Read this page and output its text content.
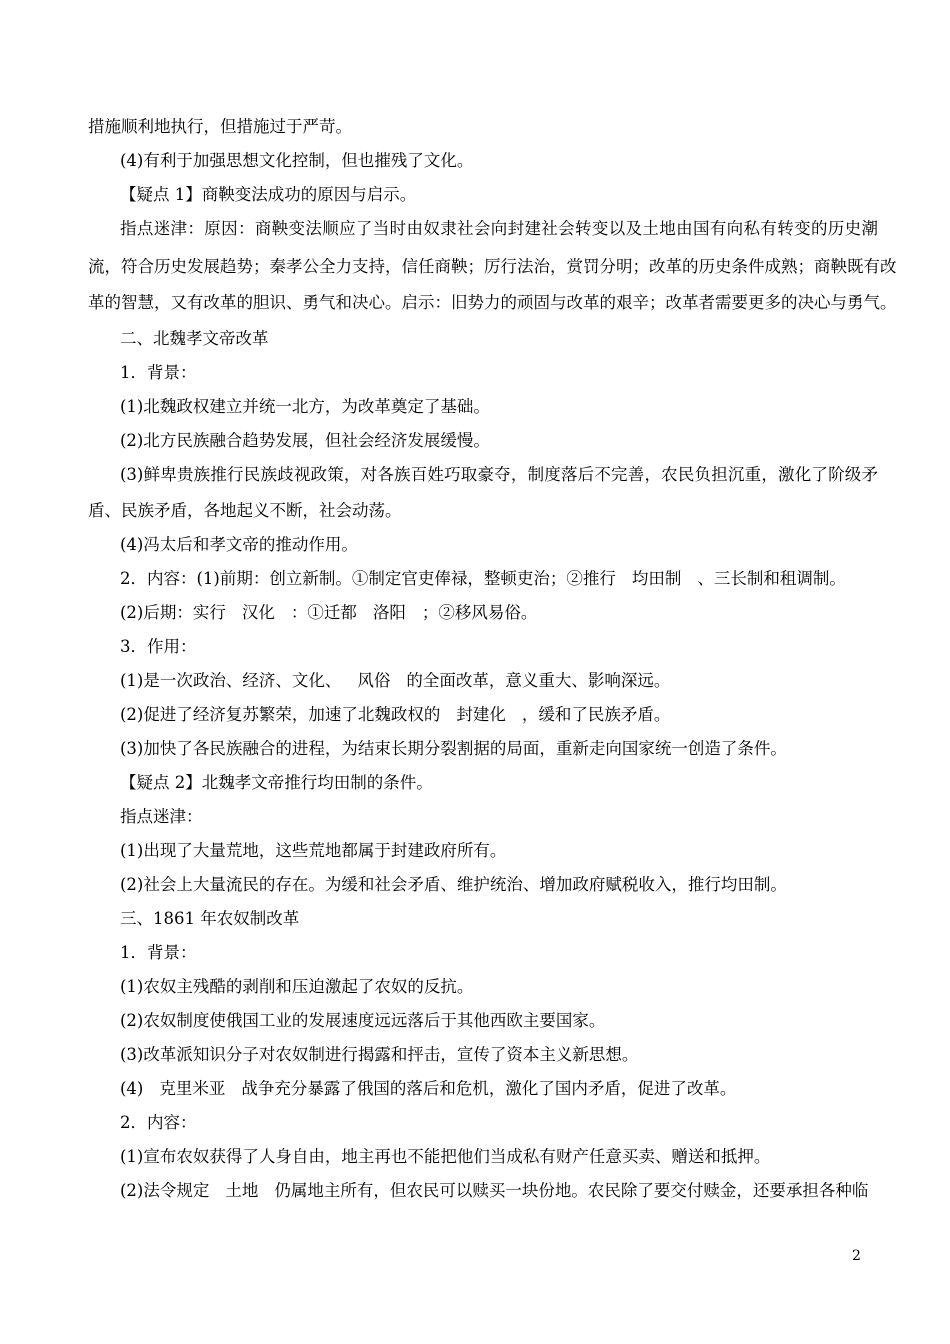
措施顺利地执行，但措施过于严苛。
(4)有利于加强思想文化控制，但也摧残了文化。
【疑点 1】商鞅变法成功的原因与启示。
指点迷津：原因：商鞅变法顺应了当时由奴隶社会向封建社会转变以及土地由国有向私有转变的历史潮
流，符合历史发展趋势；秦孝公全力支持，信任商鞅；厉行法治，赏罚分明；改革的历史条件成熟；商鞅既有改
革的智慧，又有改革的胆识、勇气和决心。启示：旧势力的顽固与改革的艰辛；改革者需要更多的决心与勇气。
二、北魏孝文帝改革
1．背景：
(1)北魏政权建立并统一北方，为改革奠定了基础。
(2)北方民族融合趋势发展，但社会经济发展缓慢。
(3)鲜卑贵族推行民族歧视政策，对各族百姓巧取豪夺，制度落后不完善，农民负担沉重，激化了阶级矛
盾、民族矛盾，各地起义不断，社会动荡。
(4)冯太后和孝文帝的推动作用。
2．内容：(1)前期：创立新制。①制定官吏俸禄，整顿吏治；②推行 均田制 、三长制和租调制。
(2)后期：实行 汉化 ：①迁都 洛阳 ；②移风易俗。
3．作用：
(1)是一次政治、经济、文化、 风俗 的全面改革，意义重大、影响深远。
(2)促进了经济复苏繁荣，加速了北魏政权的 封建化 ，缓和了民族矛盾。
(3)加快了各民族融合的进程，为结束长期分裂割据的局面，重新走向国家统一创造了条件。
【疑点 2】北魏孝文帝推行均田制的条件。
指点迷津：
(1)出现了大量荒地，这些荒地都属于封建政府所有。
(2)社会上大量流民的存在。为缓和社会矛盾、维护统治、增加政府赋税收入，推行均田制。
三、1861 年农奴制改革
1．背景：
(1)农奴主残酷的剥削和压迫激起了农奴的反抗。
(2)农奴制度使俄国工业的发展速度远远落后于其他西欧主要国家。
(3)改革派知识分子对农奴制进行揭露和抨击，宣传了资本主义新思想。
(4) 克里米亚 战争充分暴露了俄国的落后和危机，激化了国内矛盾，促进了改革。
2．内容：
(1)宣布农奴获得了人身自由，地主再也不能把他们当成私有财产任意买卖、赠送和抵押。
(2)法令规定 土地 仍属地主所有，但农民可以赎买一块份地。农民除了要交付赎金，还要承担各种临
2
